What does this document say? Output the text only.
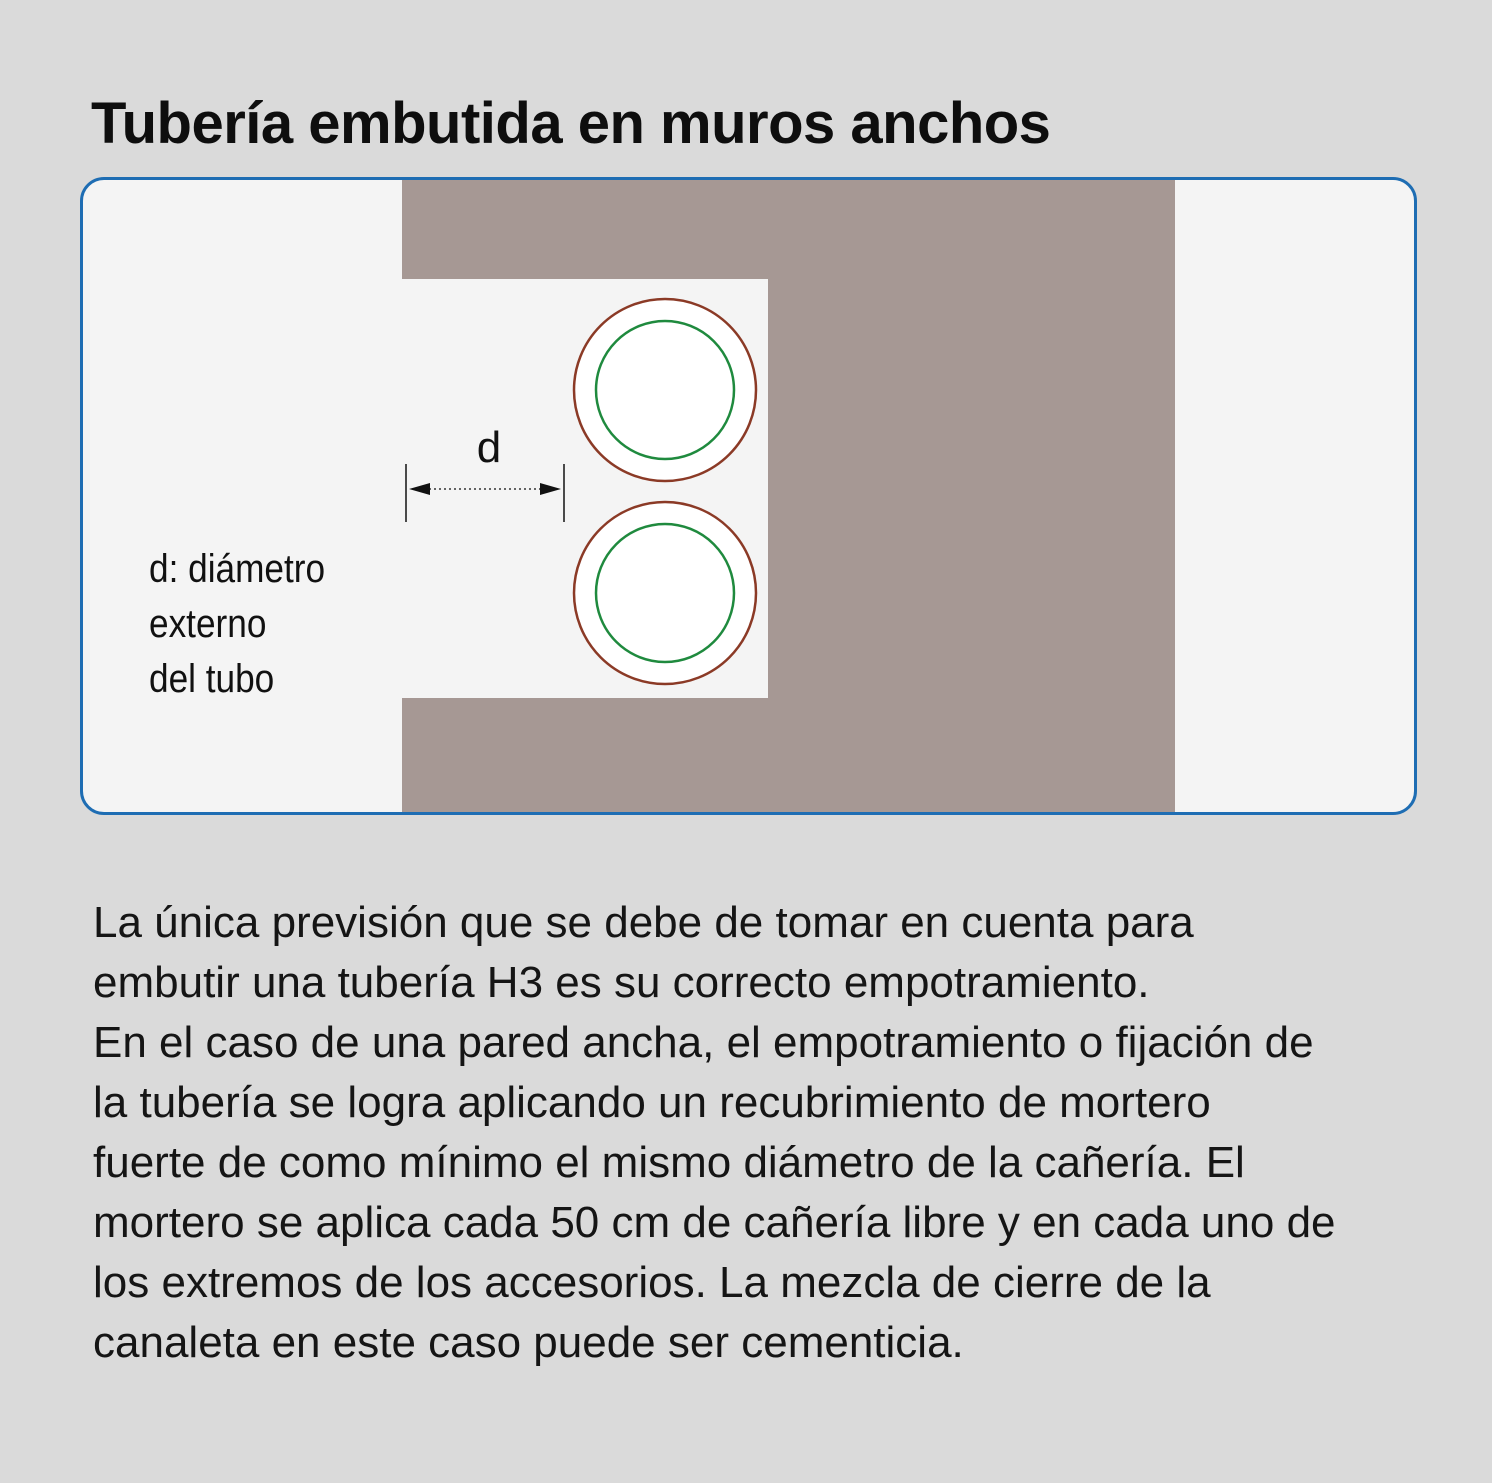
Tubería embutida en muros anchos
d
d: diámetro
externo
del tubo

La única previsión que se debe de tomar en cuenta para
embutir una tubería H3 es su correcto empotramiento.
En el caso de una pared ancha, el empotramiento o fijación de
la tubería se logra aplicando un recubrimiento de mortero
fuerte de como mínimo el mismo diámetro de la cañería. El
mortero se aplica cada 50 cm de cañería libre y en cada uno de
los extremos de los accesorios. La mezcla de cierre de la
canaleta en este caso puede ser cementicia.
